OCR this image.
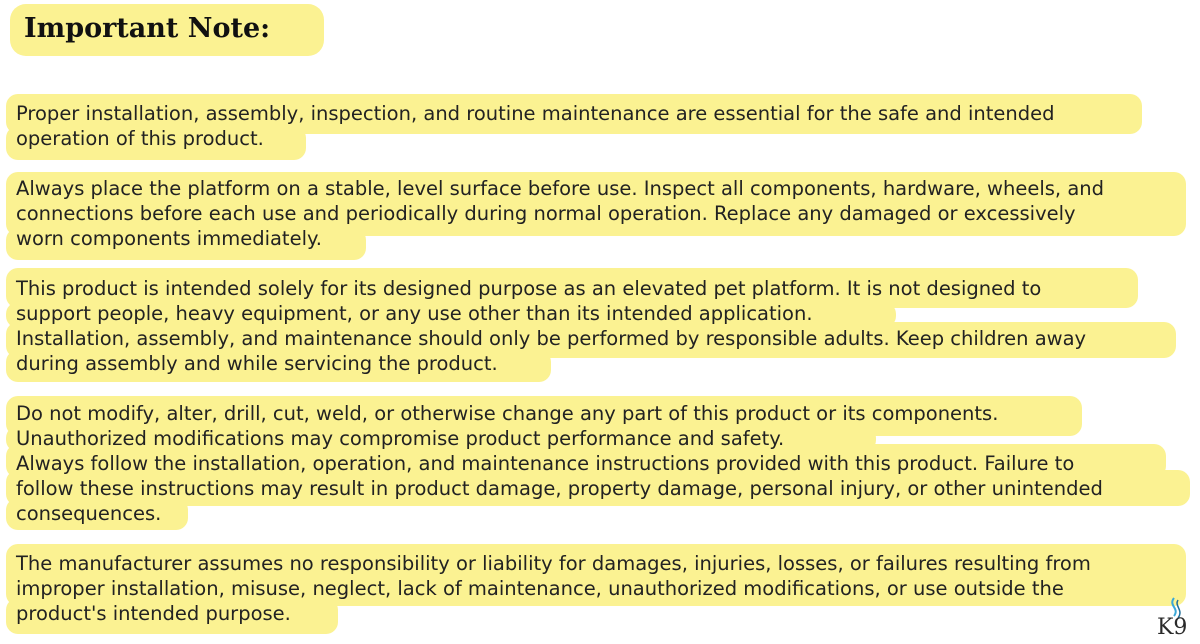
Important Note:

Proper installation, assembly, inspection, and routine maintenance are essential for the safe and intended

operation of this product.

Always place the platform on a stable, level surface before use. Inspect all components, hardware, wheels, and

connections before each use and periodically during normal operation. Replace any damaged or excessively

worn components immediately.

This product is intended solely for its designed purpose as an elevated pet platform. It is not designed to

support people, heavy equipment, or any use other than its intended application.

Installation, assembly, and maintenance should only be performed by responsible adults. Keep children away

during assembly and while servicing the product.

Do not modify, alter, drill, cut, weld, or otherwise change any part of this product or its components.

Unauthorized modifications may compromise product performance and safety.

Always follow the installation, operation, and maintenance instructions provided with this product. Failure to

follow these instructions may result in product damage, property damage, personal injury, or other unintended

consequences.

The manufacturer assumes no responsibility or liability for damages, injuries, losses, or failures resulting from

improper installation, misuse, neglect, lack of maintenance, unauthorized modifications, or use outside the

product's intended purpose.

K9
